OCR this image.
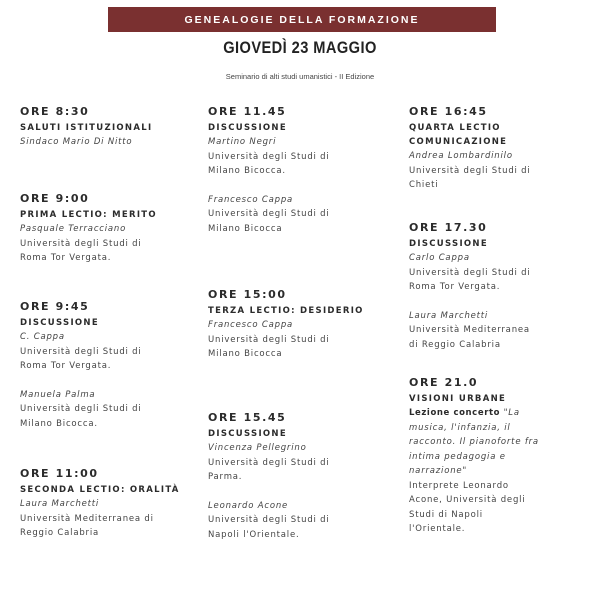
GENEALOGIE DELLA FORMAZIONE
GIOVEDÌ 23 MAGGIO
Seminario di alti studi umanistici - II Edizione
ORE 8:30
SALUTI ISTITUZIONALI
Sindaco Mario Di Nitto
ORE 9:00
PRIMA LECTIO: MERITO
Pasquale Terracciano
Università degli Studi di
Roma Tor Vergata.
ORE 9:45
DISCUSSIONE
C. Cappa
Università degli Studi di
Roma Tor Vergata.
Manuela Palma
Università degli Studi di
Milano Bicocca.
ORE 11:00
SECONDA LECTIO: ORALITÀ
Laura Marchetti
Università Mediterranea di
Reggio Calabria
ORE 11.45
DISCUSSIONE
Martino Negri
Università degli Studi di
Milano Bicocca.
Francesco Cappa
Università degli Studi di
Milano Bicocca
ORE 15:00
TERZA LECTIO: DESIDERIO
Francesco Cappa
Università degli Studi di
Milano Bicocca
ORE 15.45
DISCUSSIONE
Vincenza Pellegrino
Università degli Studi di
Parma.
Leonardo Acone
Università degli Studi di
Napoli l'Orientale.
ORE 16:45
QUARTA LECTIO
COMUNICAZIONE
Andrea Lombardinilo
Università degli Studi di
Chieti
ORE 17.30
DISCUSSIONE
Carlo Cappa
Università degli Studi di
Roma Tor Vergata.
Laura Marchetti
Università Mediterranea
di Reggio Calabria
ORE 21.0
VISIONI URBANE
Lezione concerto "La
musica, l'infanzia, il
racconto. Il pianoforte fra
intima pedagogia e
narrazione"
Interprete Leonardo
Acone, Università degli
Studi di Napoli
l'Orientale.
